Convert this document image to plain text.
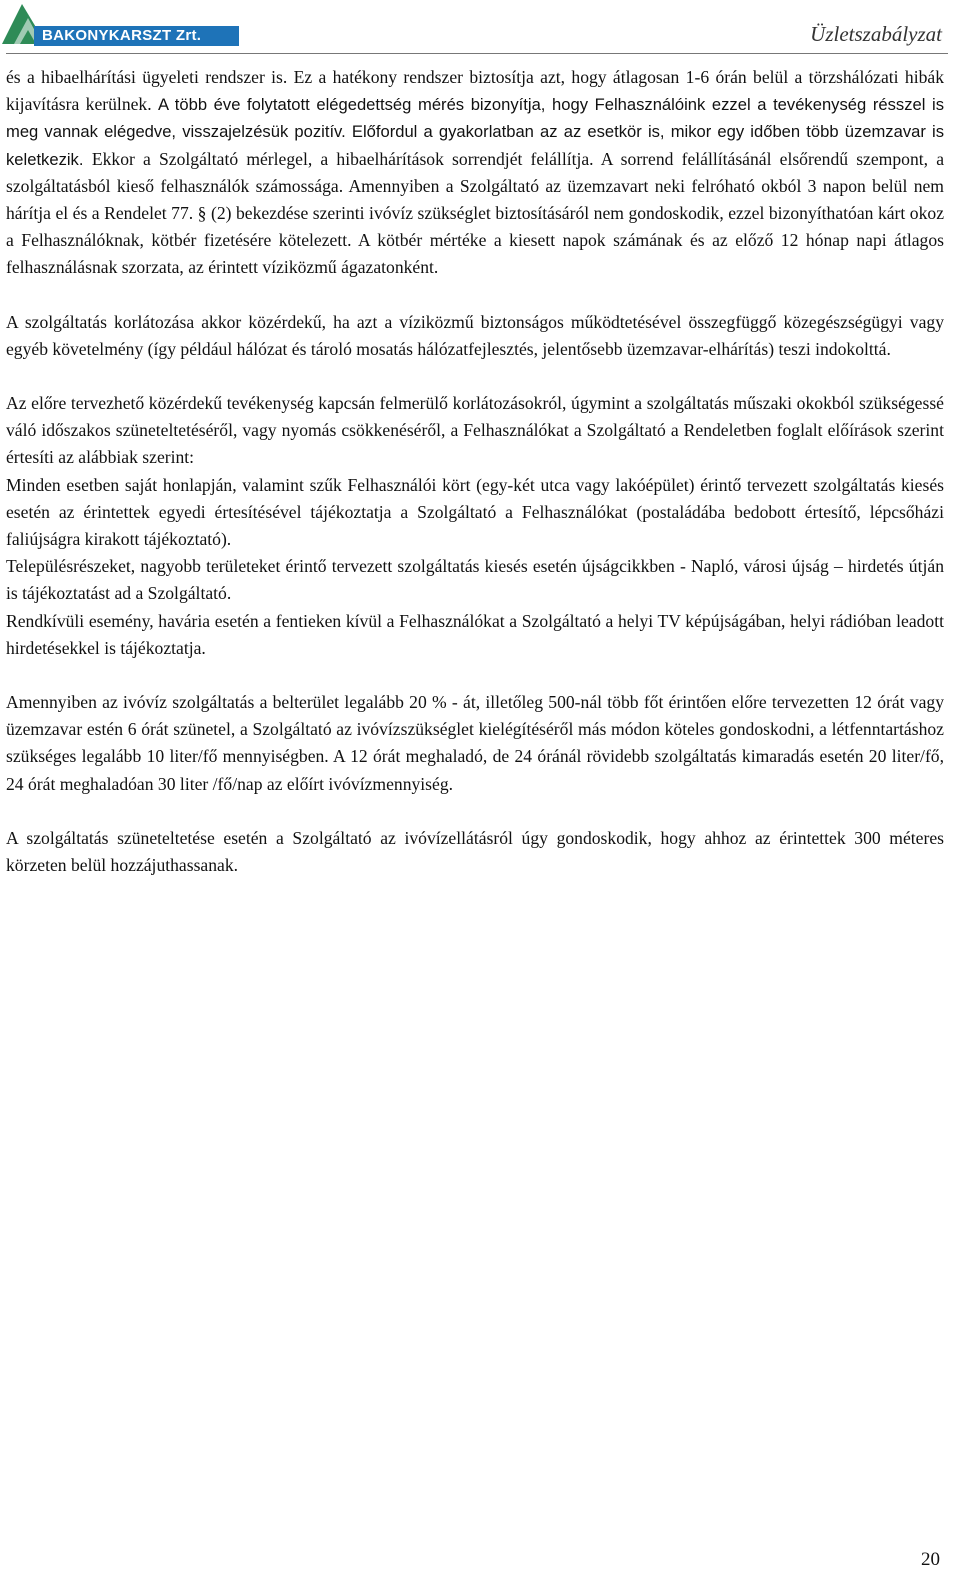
BAKONYKARSZT Zrt.	Üzletszabályzat

és a hibaelhárítási ügyeleti rendszer is. Ez a hatékony rendszer biztosítja azt, hogy átlagosan 1-6 órán belül a törzshálózati hibák kijavításra kerülnek. A több éve folytatott elégedettség mérés bizonyítja, hogy Felhasználóink ezzel a tevékenység résszel is meg vannak elégedve, visszajelzésük pozitív. Előfordul a gyakorlatban az az esetkör is, mikor egy időben több üzemzavar is keletkezik. Ekkor a Szolgáltató mérlegel, a hibaelhárítások sorrendjét felállítja. A sorrend felállításánál elsőrendű szempont, a szolgáltatásból kieső felhasználók számossága. Amennyiben a Szolgáltató az üzemzavart neki felróható okból 3 napon belül nem hárítja el és a Rendelet 77. § (2) bekezdése szerinti ivóvíz szükséglet biztosításáról nem gondoskodik, ezzel bizonyíthatóan kárt okoz a Felhasználóknak, kötbér fizetésére kötelezett. A kötbér mértéke a kiesett napok számának és az előző 12 hónap napi átlagos felhasználásnak szorzata, az érintett víziközmű ágazatonként.

A szolgáltatás korlátozása akkor közérdekű, ha azt a víziközmű biztonságos működtetésével összegfüggő közegészségügyi vagy egyéb követelmény (így például hálózat és tároló mosatás hálózatfejlesztés, jelentősebb üzemzavar-elhárítás) teszi indokolttá.

Az előre tervezhető közérdekű tevékenység kapcsán felmerülő korlátozásokról, úgymint a szolgáltatás műszaki okokból szükségessé váló időszakos szüneteltetéséről, vagy nyomás csökkenéséről, a Felhasználókat a Szolgáltató a Rendeletben foglalt előírások szerint értesíti az alábbiak szerint:

Minden esetben saját honlapján, valamint szűk Felhasználói kört (egy-két utca vagy lakóépület) érintő tervezett szolgáltatás kiesés esetén az érintettek egyedi értesítésével tájékoztatja a Szolgáltató a Felhasználókat (postaládába bedobott értesítő, lépcsőházi faliújságra kirakott tájékoztató).

Településrészeket, nagyobb területeket érintő tervezett szolgáltatás kiesés esetén újságcikkben - Napló, városi újság – hirdetés útján is tájékoztatást ad a Szolgáltató.

Rendkívüli esemény, havária esetén a fentieken kívül a Felhasználókat a Szolgáltató a helyi TV képújságában, helyi rádióban leadott hirdetésekkel is tájékoztatja.

Amennyiben az ivóvíz szolgáltatás a belterület legalább 20 % - át, illetőleg 500-nál több főt érintően előre tervezetten 12 órát vagy üzemzavar estén 6 órát szünetel, a Szolgáltató az ivóvízszükséglet kielégítéséről más módon köteles gondoskodni, a létfenntartáshoz szükséges legalább 10 liter/fő mennyiségben. A 12 órát meghaladó, de 24 óránál rövidebb szolgáltatás kimaradás esetén 20 liter/fő, 24 órát meghaladóan 30 liter /fő/nap az előírt ivóvízmennyiség.

A szolgáltatás szüneteltetése esetén a Szolgáltató az ivóvízellátásról úgy gondoskodik, hogy ahhoz az érintettek 300 méteres körzeten belül hozzájuthassanak.

20
